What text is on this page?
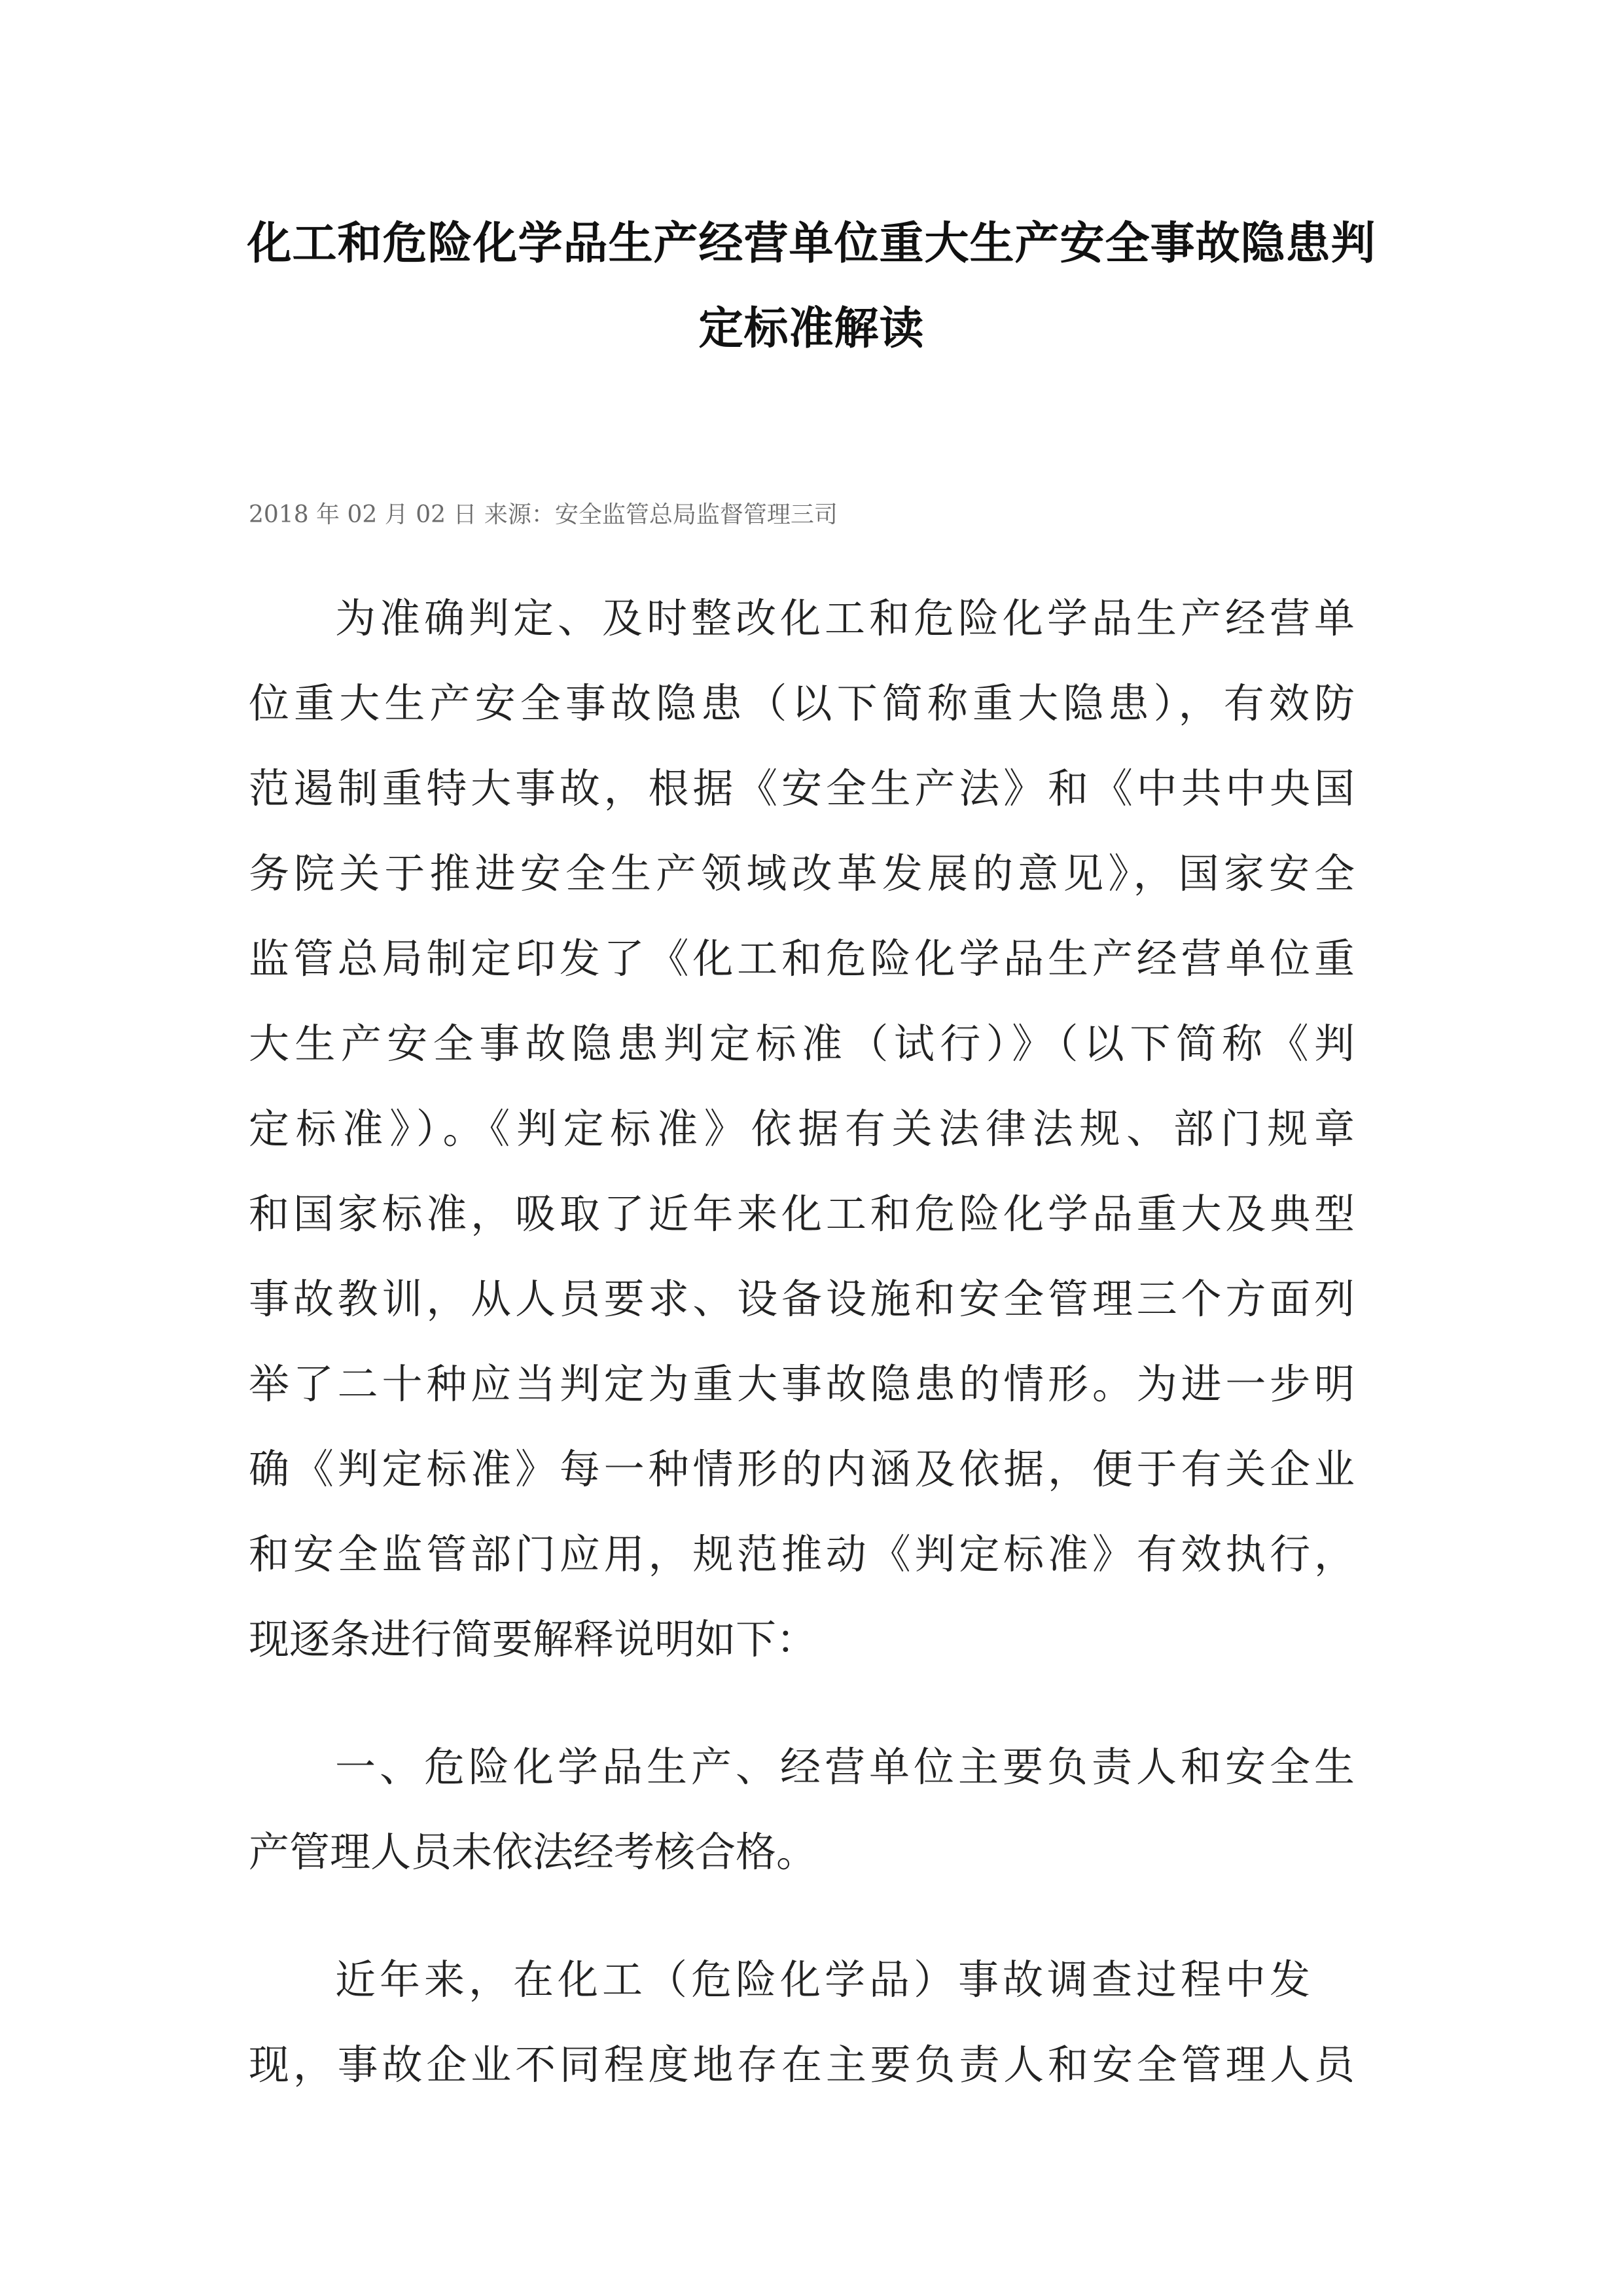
化工和危险化学品生产经营单位重大生产安全事故隐患判
定标准解读
2018 年 02 月 02 日 来源：安全监管总局监督管理三司
为准确判定、及时整改化工和危险化学品生产经营单
位重大生产安全事故隐患（以下简称重大隐患），有效防
范遏制重特大事故，根据《安全生产法》和《中共中央国
务院关于推进安全生产领域改革发展的意见》，国家安全
监管总局制定印发了《化工和危险化学品生产经营单位重
大生产安全事故隐患判定标准（试行）》（以下简称《判
定标准》）。《判定标准》依据有关法律法规、部门规章
和国家标准，吸取了近年来化工和危险化学品重大及典型
事故教训，从人员要求、设备设施和安全管理三个方面列
举了二十种应当判定为重大事故隐患的情形。为进一步明
确《判定标准》每一种情形的内涵及依据，便于有关企业
和安全监管部门应用，规范推动《判定标准》有效执行，
现逐条进行简要解释说明如下：
一、危险化学品生产、经营单位主要负责人和安全生
产管理人员未依法经考核合格。
近年来，在化工（危险化学品）事故调查过程中发
现，事故企业不同程度地存在主要负责人和安全管理人员
